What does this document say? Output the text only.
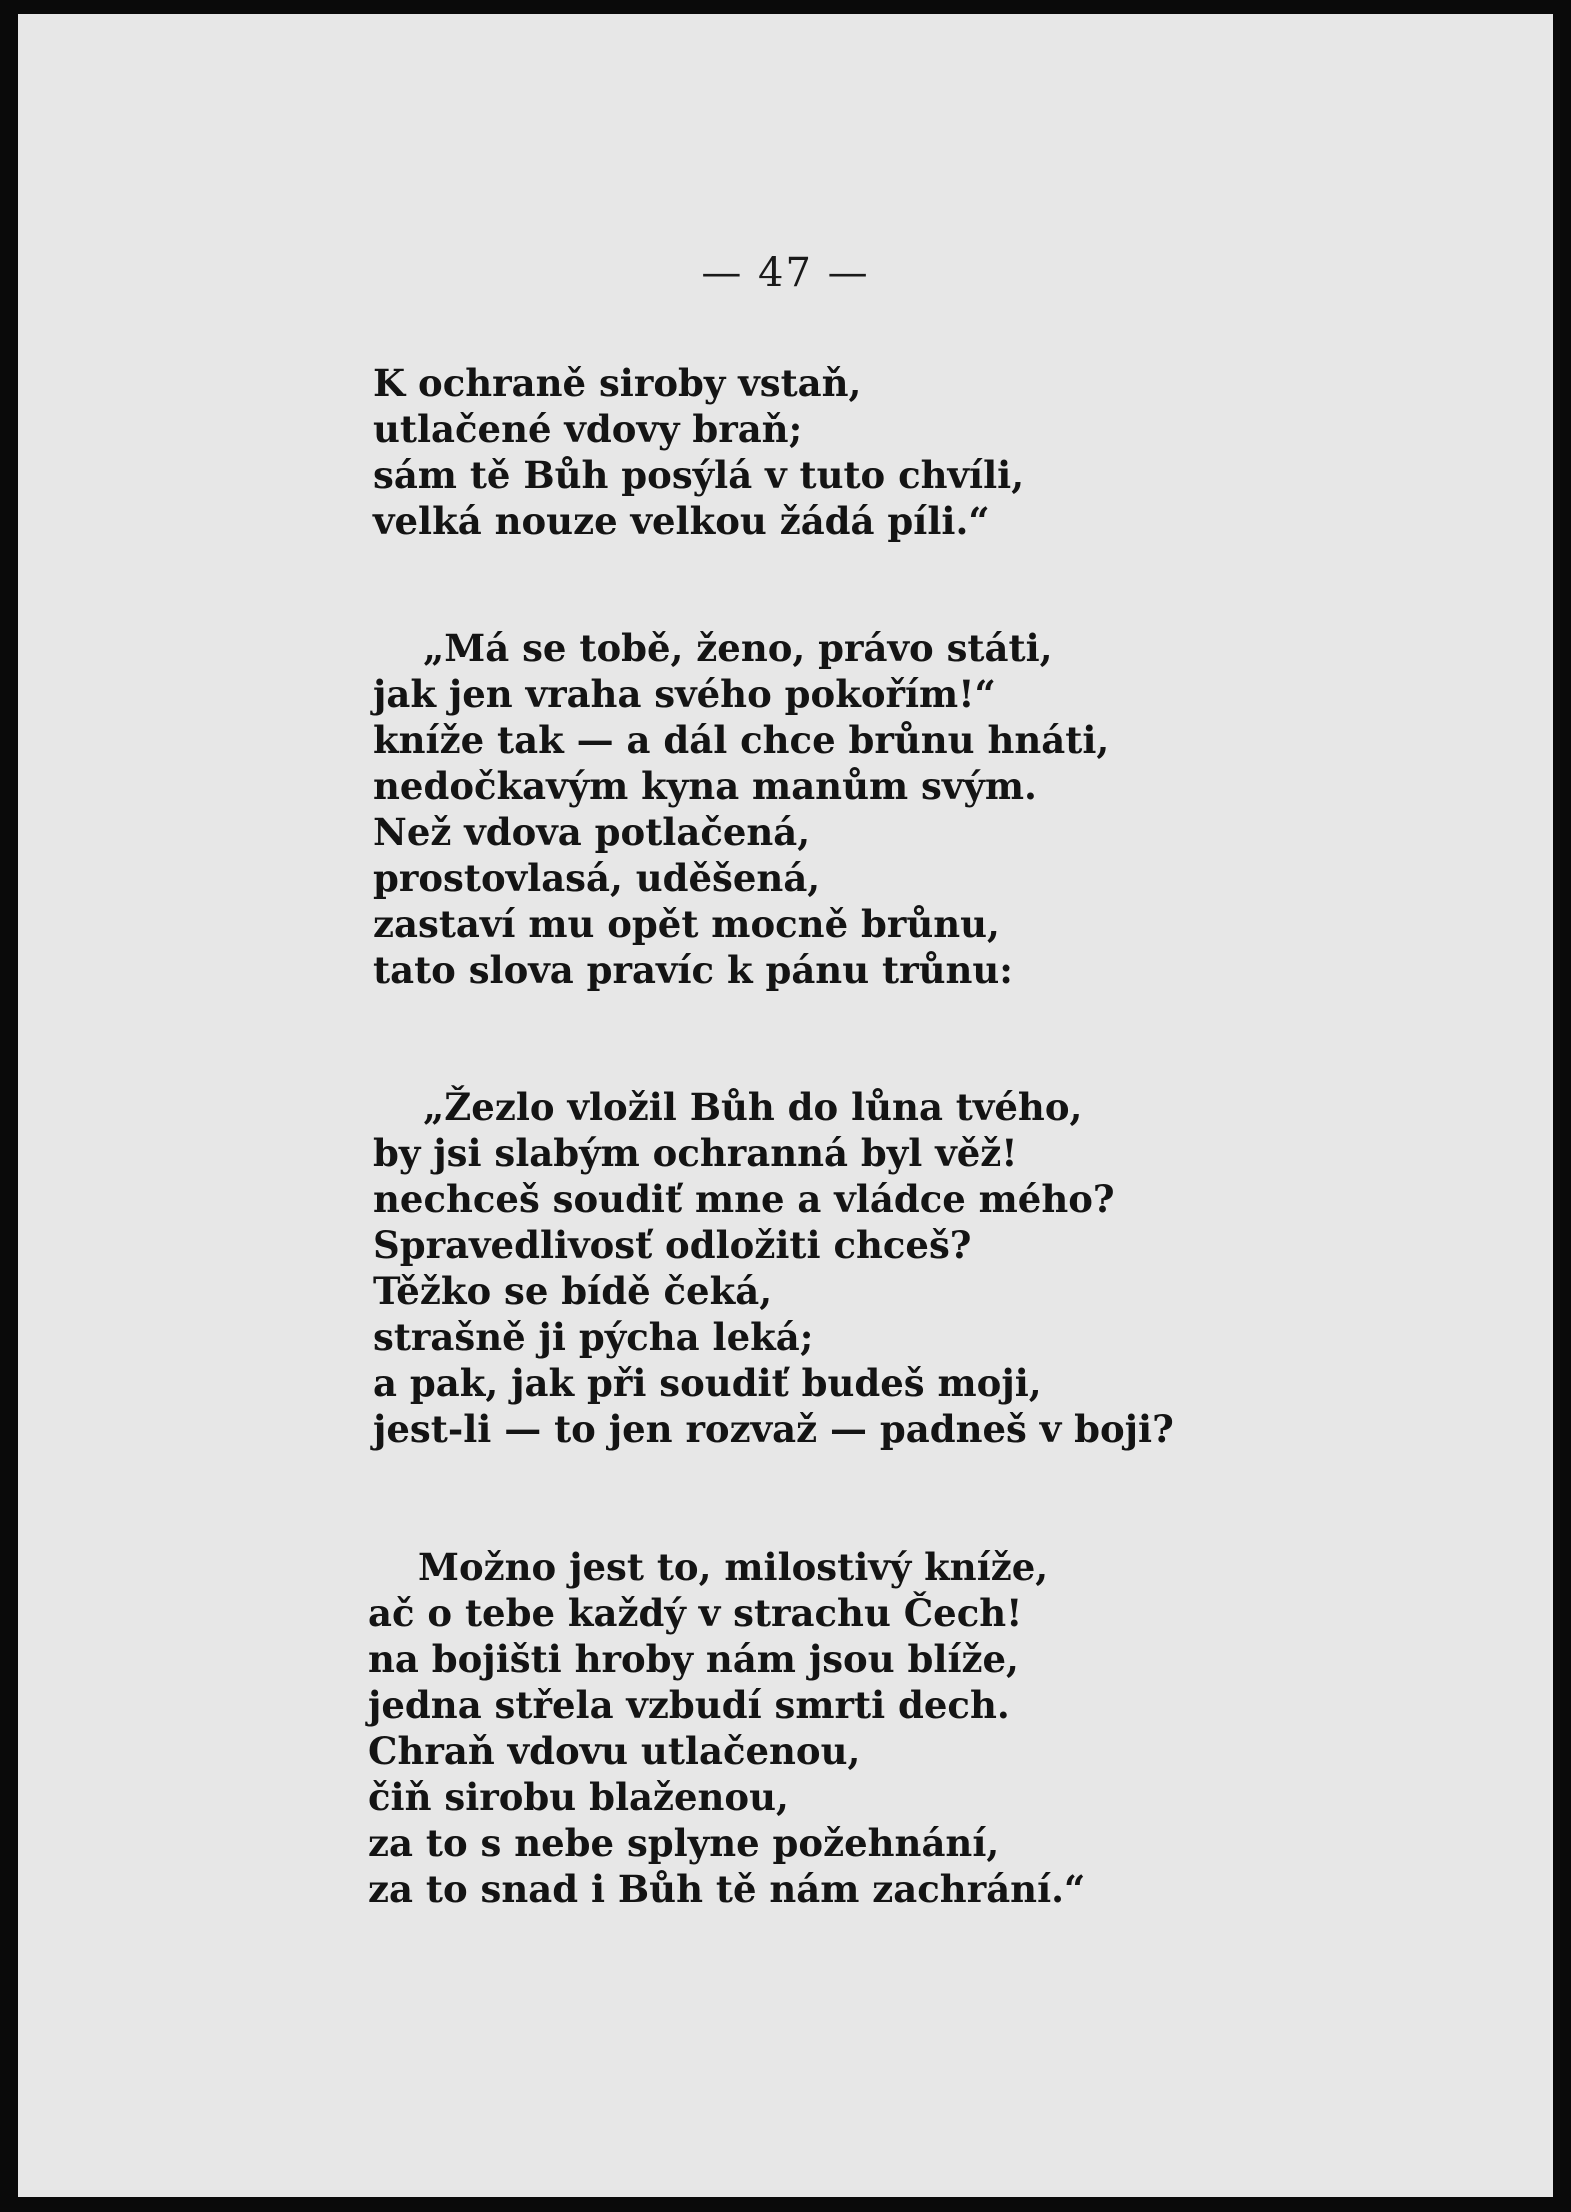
— 47 —
K ochraně siroby vstaň,
utlačené vdovy braň;
sám tě Bůh posýlá v tuto chvíli,
velká nouze velkou žádá píli.“
„Má se tobě, ženo, právo státi,
jak jen vraha svého pokořím!“
kníže tak — a dál chce brůnu hnáti,
nedočkavým kyna manům svým.
Než vdova potlačená,
prostovlasá, uděšená,
zastaví mu opět mocně brůnu,
tato slova pravíc k pánu trůnu:
„Žezlo vložil Bůh do lůna tvého,
by jsi slabým ochranná byl věž!
nechceš soudiť mne a vládce mého?
Spravedlivosť odložiti chceš?
Těžko se bídě čeká,
strašně ji pýcha leká;
a pak, jak při soudiť budeš moji,
jest-li — to jen rozvaž — padneš v boji?
Možno jest to, milostivý kníže,
ač o tebe každý v strachu Čech!
na bojišti hroby nám jsou blíže,
jedna střela vzbudí smrti dech.
Chraň vdovu utlačenou,
čiň sirobu blaženou,
za to s nebe splyne požehnání,
za to snad i Bůh tě nám zachrání.“
